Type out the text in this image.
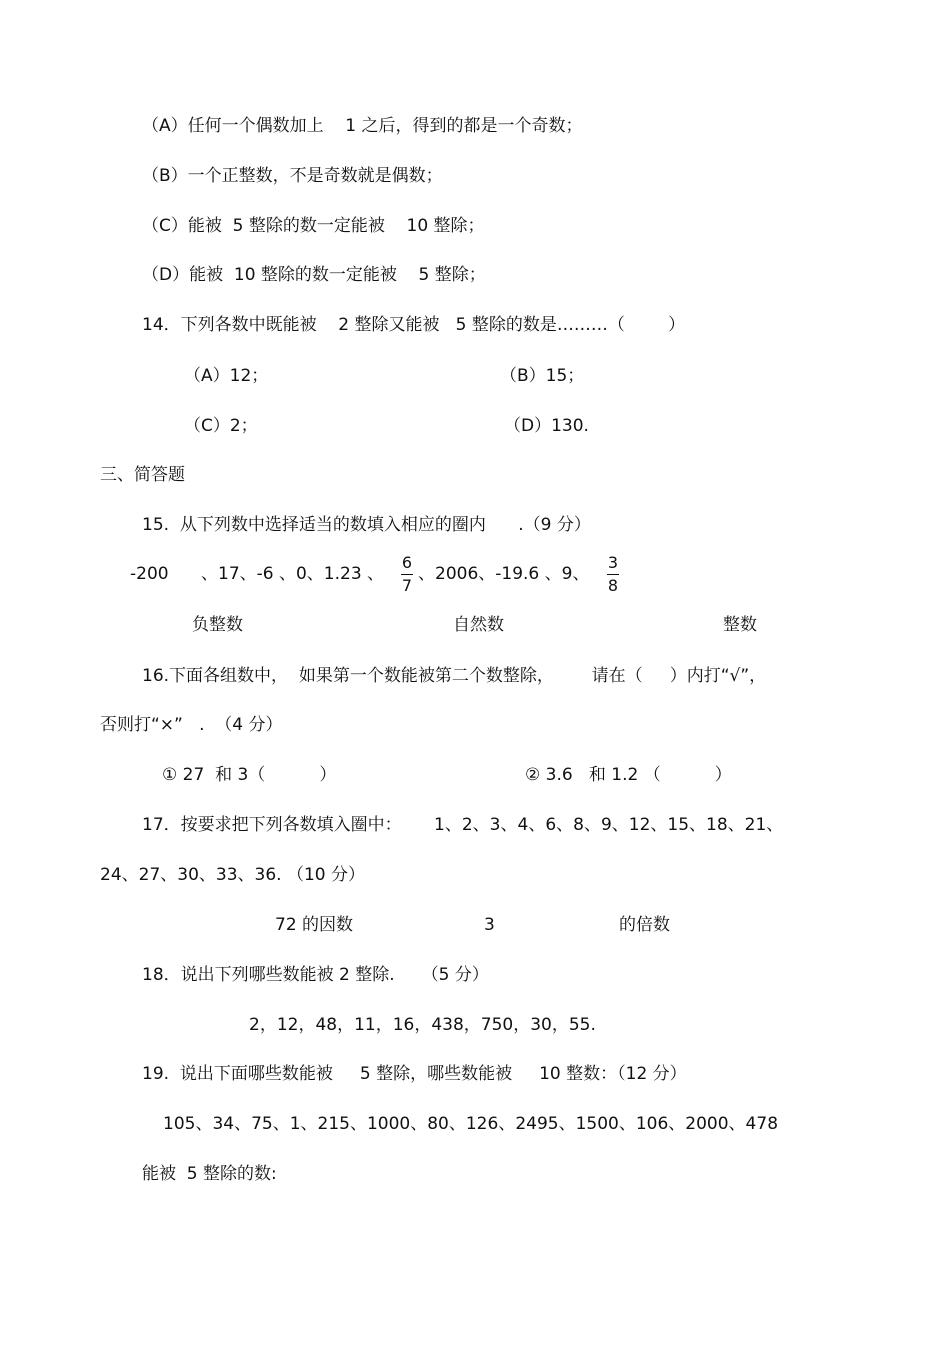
（A）任何一个偶数加上    1 之后，得到的都是一个奇数；
（B）一个正整数，不是奇数就是偶数；
（C）能被  5 整除的数一定能被    10 整除；
（D）能被  10 整除的数一定能被    5 整除；
14．下列各数中既能被    2 整除又能被   5 整除的数是………（        ）
（A）12；	（B）15；
（C）2；	（D）130.
三、简答题
15.  从下列数中选择适当的数填入相应的圈内      .（9 分）
-200      、17、-6 、0、1.23 、
6
7
、2006、-19.6 、9、
3
8
负整数	自然数	整数
16.下面各组数中，  如果第一个数能被第二个数整除，       请在（     ）内打“√”，
否则打“×”   .  （4 分）
① 27  和 3（          ）	② 3.6   和 1.2 （          ）
17．按要求把下列各数填入圈中：      1、2、3、4、6、8、9、12、15、18、21、
24、27、30、33、36. （10 分）
72 的因数	3	的倍数
18．说出下列哪些数能被 2 整除.     （5 分）
2，12，48，11，16，438，750，30，55.
19.  说出下面哪些数能被     5 整除，哪些数能被     10 整数：（12 分）
105、34、75、1、215、1000、80、126、2495、1500、106、2000、478
能被  5 整除的数:
